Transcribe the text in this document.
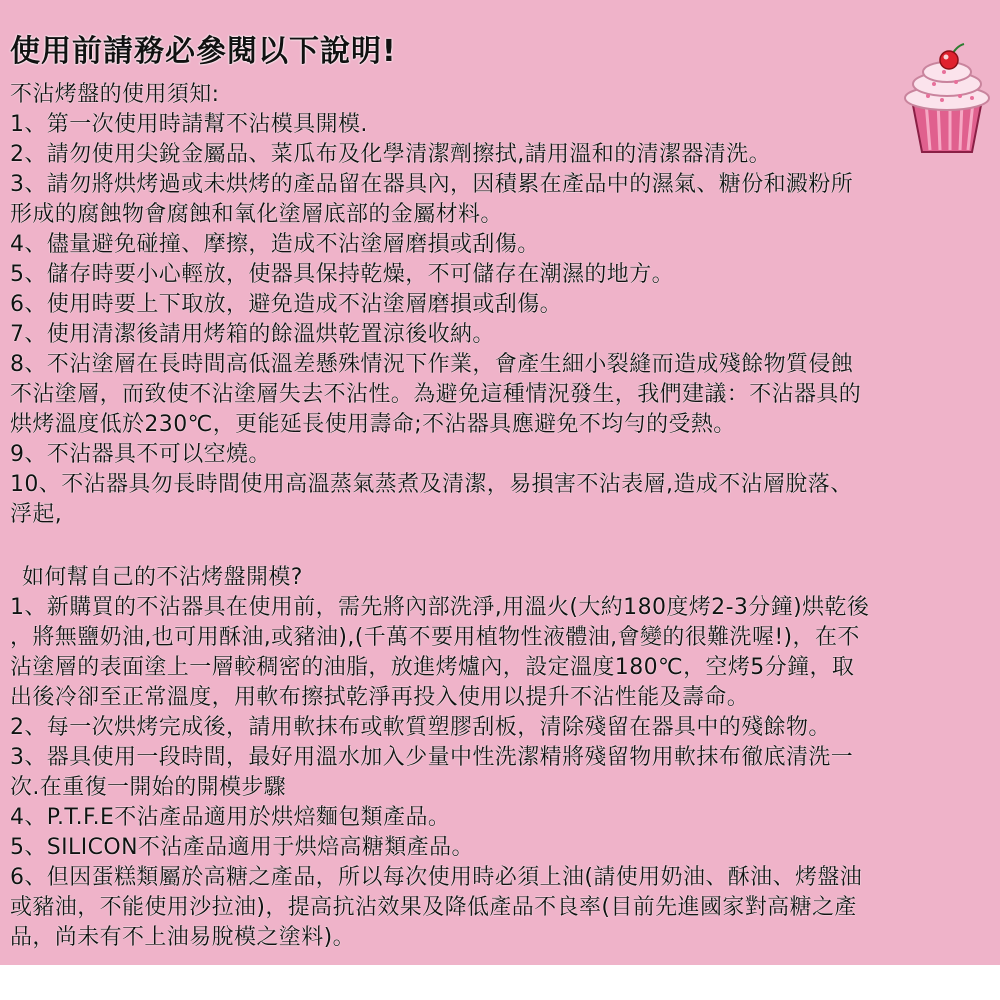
使用前請務必參閱以下說明!
不沾烤盤的使用須知:
1、第一次使用時請幫不沾模具開模.
2、請勿使用尖銳金屬品、菜瓜布及化學清潔劑擦拭,請用溫和的清潔器清洗。
3、請勿將烘烤過或未烘烤的產品留在器具內，因積累在產品中的濕氣、糖份和澱粉所
形成的腐蝕物會腐蝕和氧化塗層底部的金屬材料。
4、儘量避免碰撞、摩擦，造成不沾塗層磨損或刮傷。
5、儲存時要小心輕放，使器具保持乾燥，不可儲存在潮濕的地方。
6、使用時要上下取放，避免造成不沾塗層磨損或刮傷。
7、使用清潔後請用烤箱的餘溫烘乾置涼後收納。
8、不沾塗層在長時間高低溫差懸殊情況下作業，會產生細小裂縫而造成殘餘物質侵蝕
不沾塗層，而致使不沾塗層失去不沾性。為避免這種情況發生，我們建議：不沾器具的
烘烤溫度低於230℃，更能延長使用壽命;不沾器具應避免不均勻的受熱。
9、不沾器具不可以空燒。
10、不沾器具勿長時間使用高溫蒸氣蒸煮及清潔，易損害不沾表層,造成不沾層脫落、
浮起,
如何幫自己的不沾烤盤開模?
1、新購買的不沾器具在使用前，需先將內部洗淨,用溫火(大約180度烤2-3分鐘)烘乾後
，將無鹽奶油,也可用酥油,或豬油),(千萬不要用植物性液體油,會變的很難洗喔!)，在不
沾塗層的表面塗上一層較稠密的油脂，放進烤爐內，設定溫度180℃，空烤5分鐘，取
出後冷卻至正常溫度，用軟布擦拭乾淨再投入使用以提升不沾性能及壽命。
2、每一次烘烤完成後，請用軟抹布或軟質塑膠刮板，清除殘留在器具中的殘餘物。
3、器具使用一段時間，最好用溫水加入少量中性洗潔精將殘留物用軟抹布徹底清洗一
次.在重復一開始的開模步驟
4、P.T.F.E不沾產品適用於烘焙麵包類產品。
5、SILICON不沾產品適用于烘焙高糖類產品。
6、但因蛋糕類屬於高糖之產品，所以每次使用時必須上油(請使用奶油、酥油、烤盤油
或豬油，不能使用沙拉油)，提高抗沾效果及降低產品不良率(目前先進國家對高糖之產
品，尚未有不上油易脫模之塗料)。
